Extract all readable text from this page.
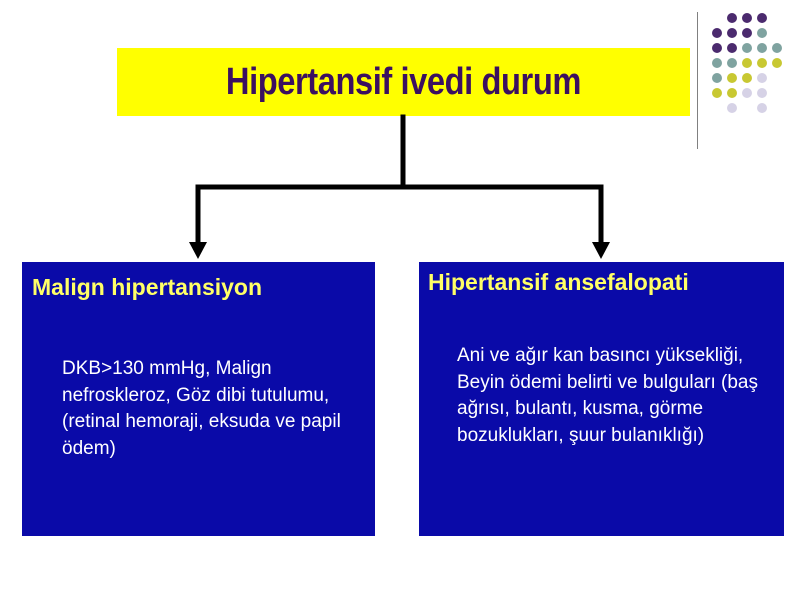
Hipertansif ivedi durum
Malign hipertansiyon
DKB>130 mmHg, Malign nefroskleroz, Göz dibi tutulumu, (retinal hemoraji, eksuda ve papil ödem)
Hipertansif ansefalopati
Ani ve ağır kan basıncı yüksekliği, Beyin ödemi belirti ve bulguları (baş ağrısı, bulantı, kusma, görme bozuklukları, şuur bulanıklığı)
